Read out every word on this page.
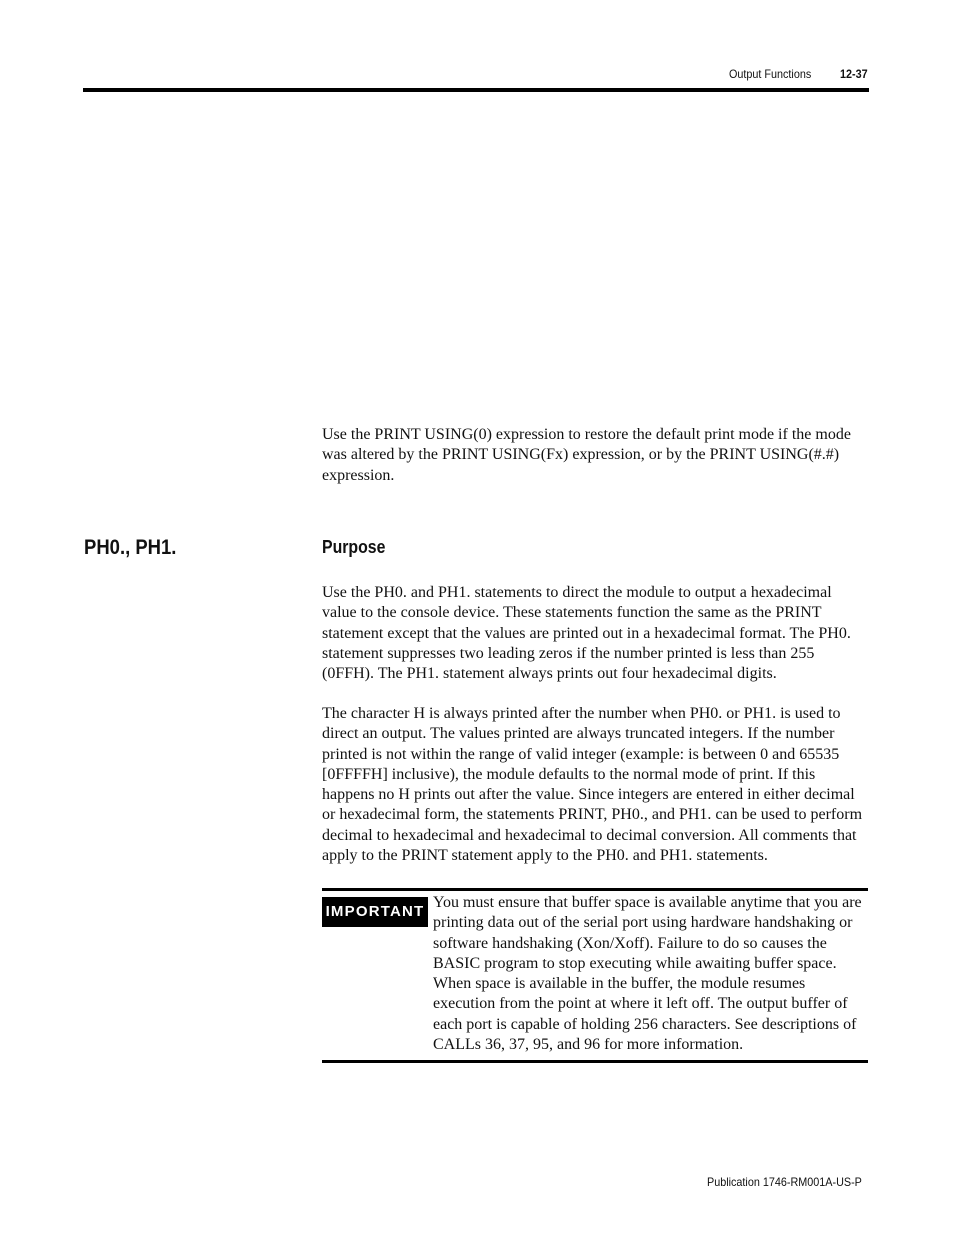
Output Functions	12-37

Use the PRINT USING(0) expression to restore the default print mode if the mode was altered by the PRINT USING(Fx) expression, or by the PRINT USING(#.#) expression.

PH0., PH1.	Purpose

Use the PH0. and PH1. statements to direct the module to output a hexadecimal value to the console device. These statements function the same as the PRINT statement except that the values are printed out in a hexadecimal format. The PH0. statement suppresses two leading zeros if the number printed is less than 255 (0FFH). The PH1. statement always prints out four hexadecimal digits.

The character H is always printed after the number when PH0. or PH1. is used to direct an output. The values printed are always truncated integers. If the number printed is not within the range of valid integer (example: is between 0 and 65535 [0FFFFH] inclusive), the module defaults to the normal mode of print. If this happens no H prints out after the value. Since integers are entered in either decimal or hexadecimal form, the statements PRINT, PH0., and PH1. can be used to perform decimal to hexadecimal and hexadecimal to decimal conversion. All comments that apply to the PRINT statement apply to the PH0. and PH1. statements.

IMPORTANT

You must ensure that buffer space is available anytime that you are printing data out of the serial port using hardware handshaking or software handshaking (Xon/Xoff). Failure to do so causes the BASIC program to stop executing while awaiting buffer space. When space is available in the buffer, the module resumes execution from the point at where it left off. The output buffer of each port is capable of holding 256 characters. See descriptions of CALLs 36, 37, 95, and 96 for more information.

Publication 1746-RM001A-US-P
